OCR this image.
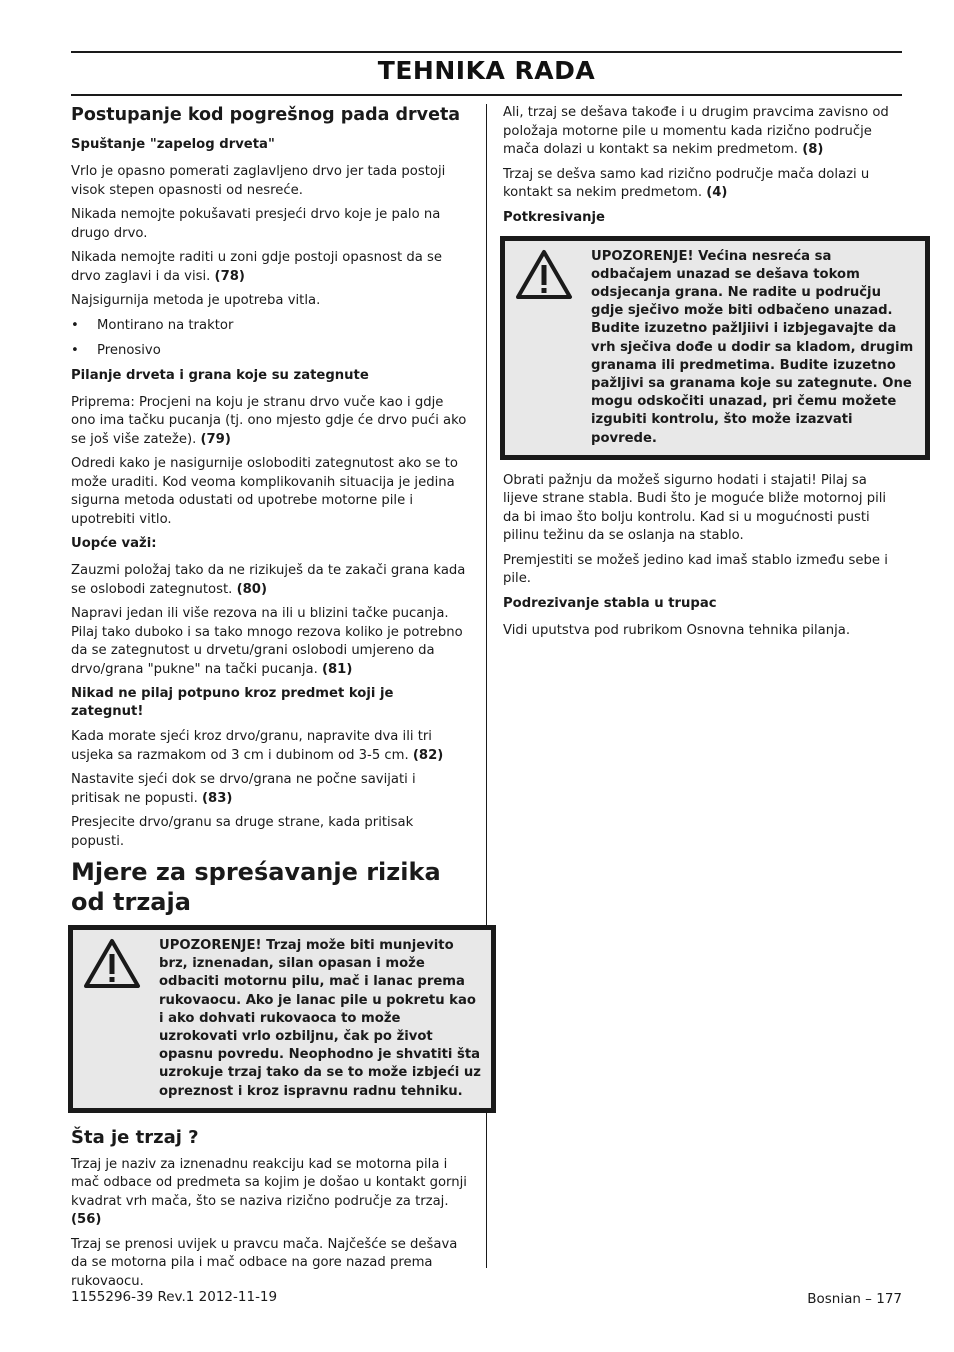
TEHNIKA RADA
Postupanje kod pogrešnog pada drveta
Spuštanje "zapelog drveta"

Vrlo je opasno pomerati zaglavljeno drvo jer tada postoji visok stepen opasnosti od nesreće.

Nikada nemojte pokušavati presjeći drvo koje je palo na drugo drvo.

Nikada nemojte raditi u zoni gdje postoji opasnost da se drvo zaglavi i da visi. (78)

Najsigurnija metoda je upotreba vitla.

• Montirano na traktor
• Prenosivo
Pilanje drveta i grana koje su zategnute

Priprema: Procjeni na koju je stranu drvo vuče kao i gdje ono ima tačku pucanja (tj. ono mjesto gdje će drvo pući ako se još više zateže). (79)

Odredi kako je nasigurnije osloboditi zategnutost ako se to može uraditi. Kod veoma komplikovanih situacija je jedina sigurna metoda odustati od upotrebe motorne pile i upotrebiti vitlo.

Uopće važi:

Zauzmi položaj tako da ne rizikuješ da te zakači grana kada se oslobodi zategnutost. (80)

Napravi jedan ili više rezova na ili u blizini tačke pucanja. Pilaj tako duboko i sa tako mnogo rezova koliko je potrebno da se zategnutost u drvetu/grani oslobodi umjereno da drvo/grana "pukne" na tački pucanja. (81)

Nikad ne pilaj potpuno kroz predmet koji je zategnut!

Kada morate sjeći kroz drvo/granu, napravite dva ili tri usjeka sa razmakom od 3 cm i dubinom od 3-5 cm. (82)

Nastavite sjeći dok se drvo/grana ne počne savijati i pritisak ne popusti. (83)

Presjecite drvo/granu sa druge strane, kada pritisak popusti.

Mjere za spreśavanje rizika od trzaja
UPOZORENJE! Trzaj može biti munjevito brz, iznenadan, silan opasan i može odbaciti motornu pilu, mač i lanac prema rukovaocu. Ako je lanac pile u pokretu kao i ako dohvati rukovaoca to može uzrokovati vrlo ozbiljnu, čak po život opasnu povredu. Neophodno je shvatiti šta uzrokuje trzaj tako da se to može izbjeći uz opreznost i kroz ispravnu radnu tehniku.
Šta je trzaj ?

Trzaj je naziv za iznenadnu reakciju kad se motorna pila i mač odbace od predmeta sa kojim je došao u kontakt gornji kvadrat vrh mača, što se naziva rizično područje za trzaj. (56)

Trzaj se prenosi uvijek u pravcu mača. Najčešće se dešava da se motorna pila i mač odbace na gore nazad prema rukovaocu.

Ali, trzaj se dešava takođe i u drugim pravcima zavisno od položaja motorne pile u momentu kada rizično područje mača dolazi u kontakt sa nekim predmetom. (8)

Trzaj se dešva samo kad rizično područje mača dolazi u kontakt sa nekim predmetom. (4)

Potkresivanje
UPOZORENJE! Većina nesreća sa odbačajem unazad se dešava tokom odsjecanja grana. Ne radite u području gdje sječivo može biti odbačeno unazad. Budite izuzetno pažljiivi i izbjegavajte da vrh sječiva dođe u dodir sa kladom, drugim granama ili predmetima. Budite izuzetno pažljivi sa granama koje su zategnute. One mogu odskočiti unazad, pri čemu možete izgubiti kontrolu, što može izazvati povrede.

Obrati pažnju da možeš sigurno hodati i stajati! Pilaj sa lijeve strane stabla. Budi što je moguće bliže motornoj pili da bi imao što bolju kontrolu. Kad si u mogućnosti pusti pilinu težinu da se oslanja na stablo.

Premjestiti se možeš jedino kad imaš stablo između sebe i pile.

Podrezivanje stabla u trupac

Vidi uputstva pod rubrikom Osnovna tehnika pilanja.

1155296-39 Rev.1 2012-11-19	Bosnian – 177
